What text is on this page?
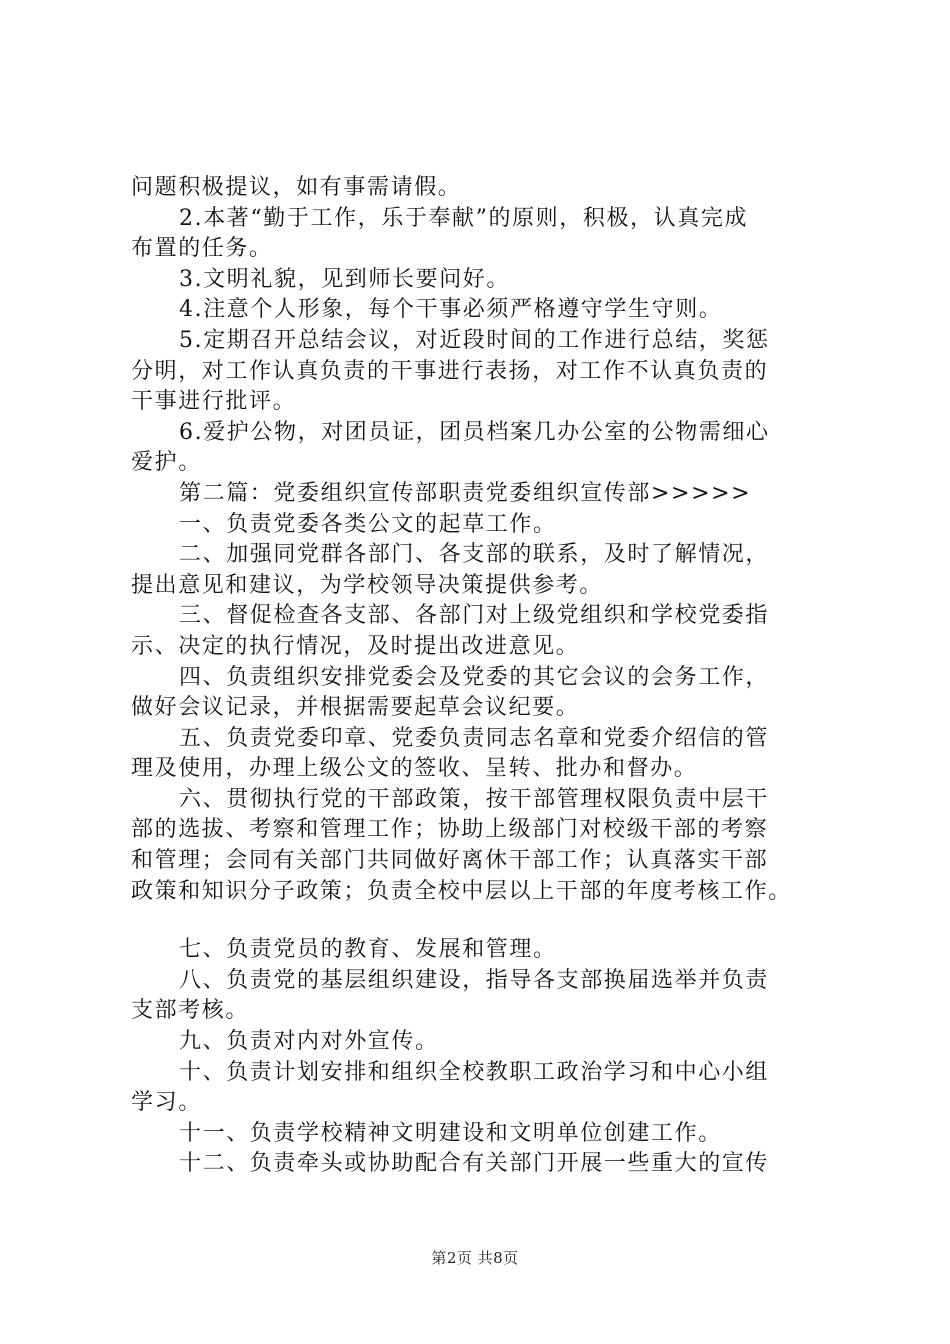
问题积极提议，如有事需请假。
2.本著“勤于工作，乐于奉献”的原则，积极，认真完成
布置的任务。
3.文明礼貌，见到师长要问好。
4.注意个人形象，每个干事必须严格遵守学生守则。
5.定期召开总结会议，对近段时间的工作进行总结，奖惩
分明，对工作认真负责的干事进行表扬，对工作不认真负责的
干事进行批评。
6.爱护公物，对团员证，团员档案几办公室的公物需细心
爱护。
第二篇：党委组织宣传部职责党委组织宣传部>>>>>
一、负责党委各类公文的起草工作。
二、加强同党群各部门、各支部的联系，及时了解情况，
提出意见和建议，为学校领导决策提供参考。
三、督促检查各支部、各部门对上级党组织和学校党委指
示、决定的执行情况，及时提出改进意见。
四、负责组织安排党委会及党委的其它会议的会务工作，
做好会议记录，并根据需要起草会议纪要。
五、负责党委印章、党委负责同志名章和党委介绍信的管
理及使用，办理上级公文的签收、呈转、批办和督办。
六、贯彻执行党的干部政策，按干部管理权限负责中层干
部的选拔、考察和管理工作；协助上级部门对校级干部的考察
和管理；会同有关部门共同做好离休干部工作；认真落实干部
政策和知识分子政策；负责全校中层以上干部的年度考核工作。
七、负责党员的教育、发展和管理。
八、负责党的基层组织建设，指导各支部换届选举并负责
支部考核。
九、负责对内对外宣传。
十、负责计划安排和组织全校教职工政治学习和中心小组
学习。
十一、负责学校精神文明建设和文明单位创建工作。
十二、负责牵头或协助配合有关部门开展一些重大的宣传
第2页 共8页
